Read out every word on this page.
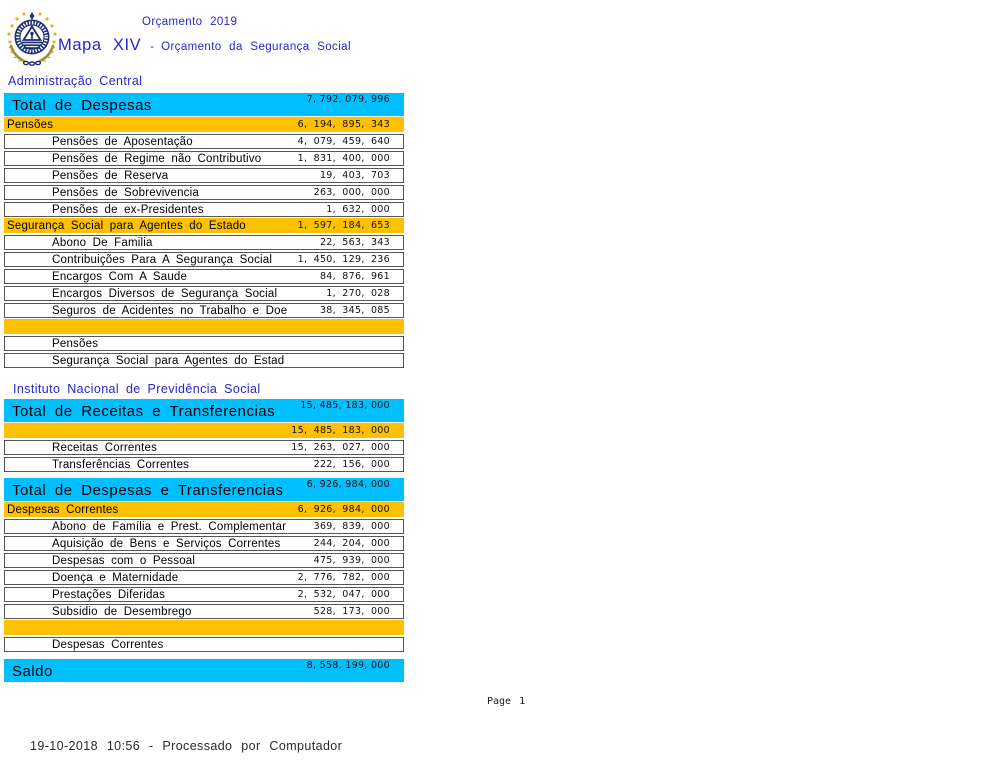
Orçamento 2019
Mapa XIV - Orçamento da Segurança Social
Administração Central
Total de Despesas	7, 792, 079, 996
Pensões	6, 194, 895, 343
Pensões de Aposentação	4, 079, 459, 640
Pensões de Regime não Contributivo	1, 831, 400, 000
Pensões de Reserva	19, 403, 703
Pensões de Sobrevivencia	263, 000, 000
Pensões de ex-Presidentes	1, 632, 000
Segurança Social para Agentes do Estado	1, 597, 184, 653
Abono De Familia	22, 563, 343
Contribuições Para A Segurança Social	1, 450, 129, 236
Encargos Com A Saude	84, 876, 961
Encargos Diversos de Segurança Social	1, 270, 028
Seguros de Acidentes no Trabalho e Doe	38, 345, 085
Pensões
Segurança Social para Agentes do Estad
Instituto Nacional de Previdência Social
Total de Receitas e Transferencias	15, 485, 183, 000
15, 485, 183, 000
Receitas Correntes	15, 263, 027, 000
Transferências Correntes	222, 156, 000
Total de Despesas e Transferencias 6, 926, 984, 000
Despesas Correntes	6, 926, 984, 000
Abono de Família e Prest. Complementar	369, 839, 000
Aquisição de Bens e Serviços Correntes	244, 204, 000
Despesas com o Pessoal	475, 939, 000
Doença e Maternidade	2, 776, 782, 000
Prestações Diferidas	2, 532, 047, 000
Subsidio de Desembrego	528, 173, 000
Despesas Correntes
Saldo	8, 558, 199, 000
Page 1
19-10-2018 10:56 - Processado por Computador
